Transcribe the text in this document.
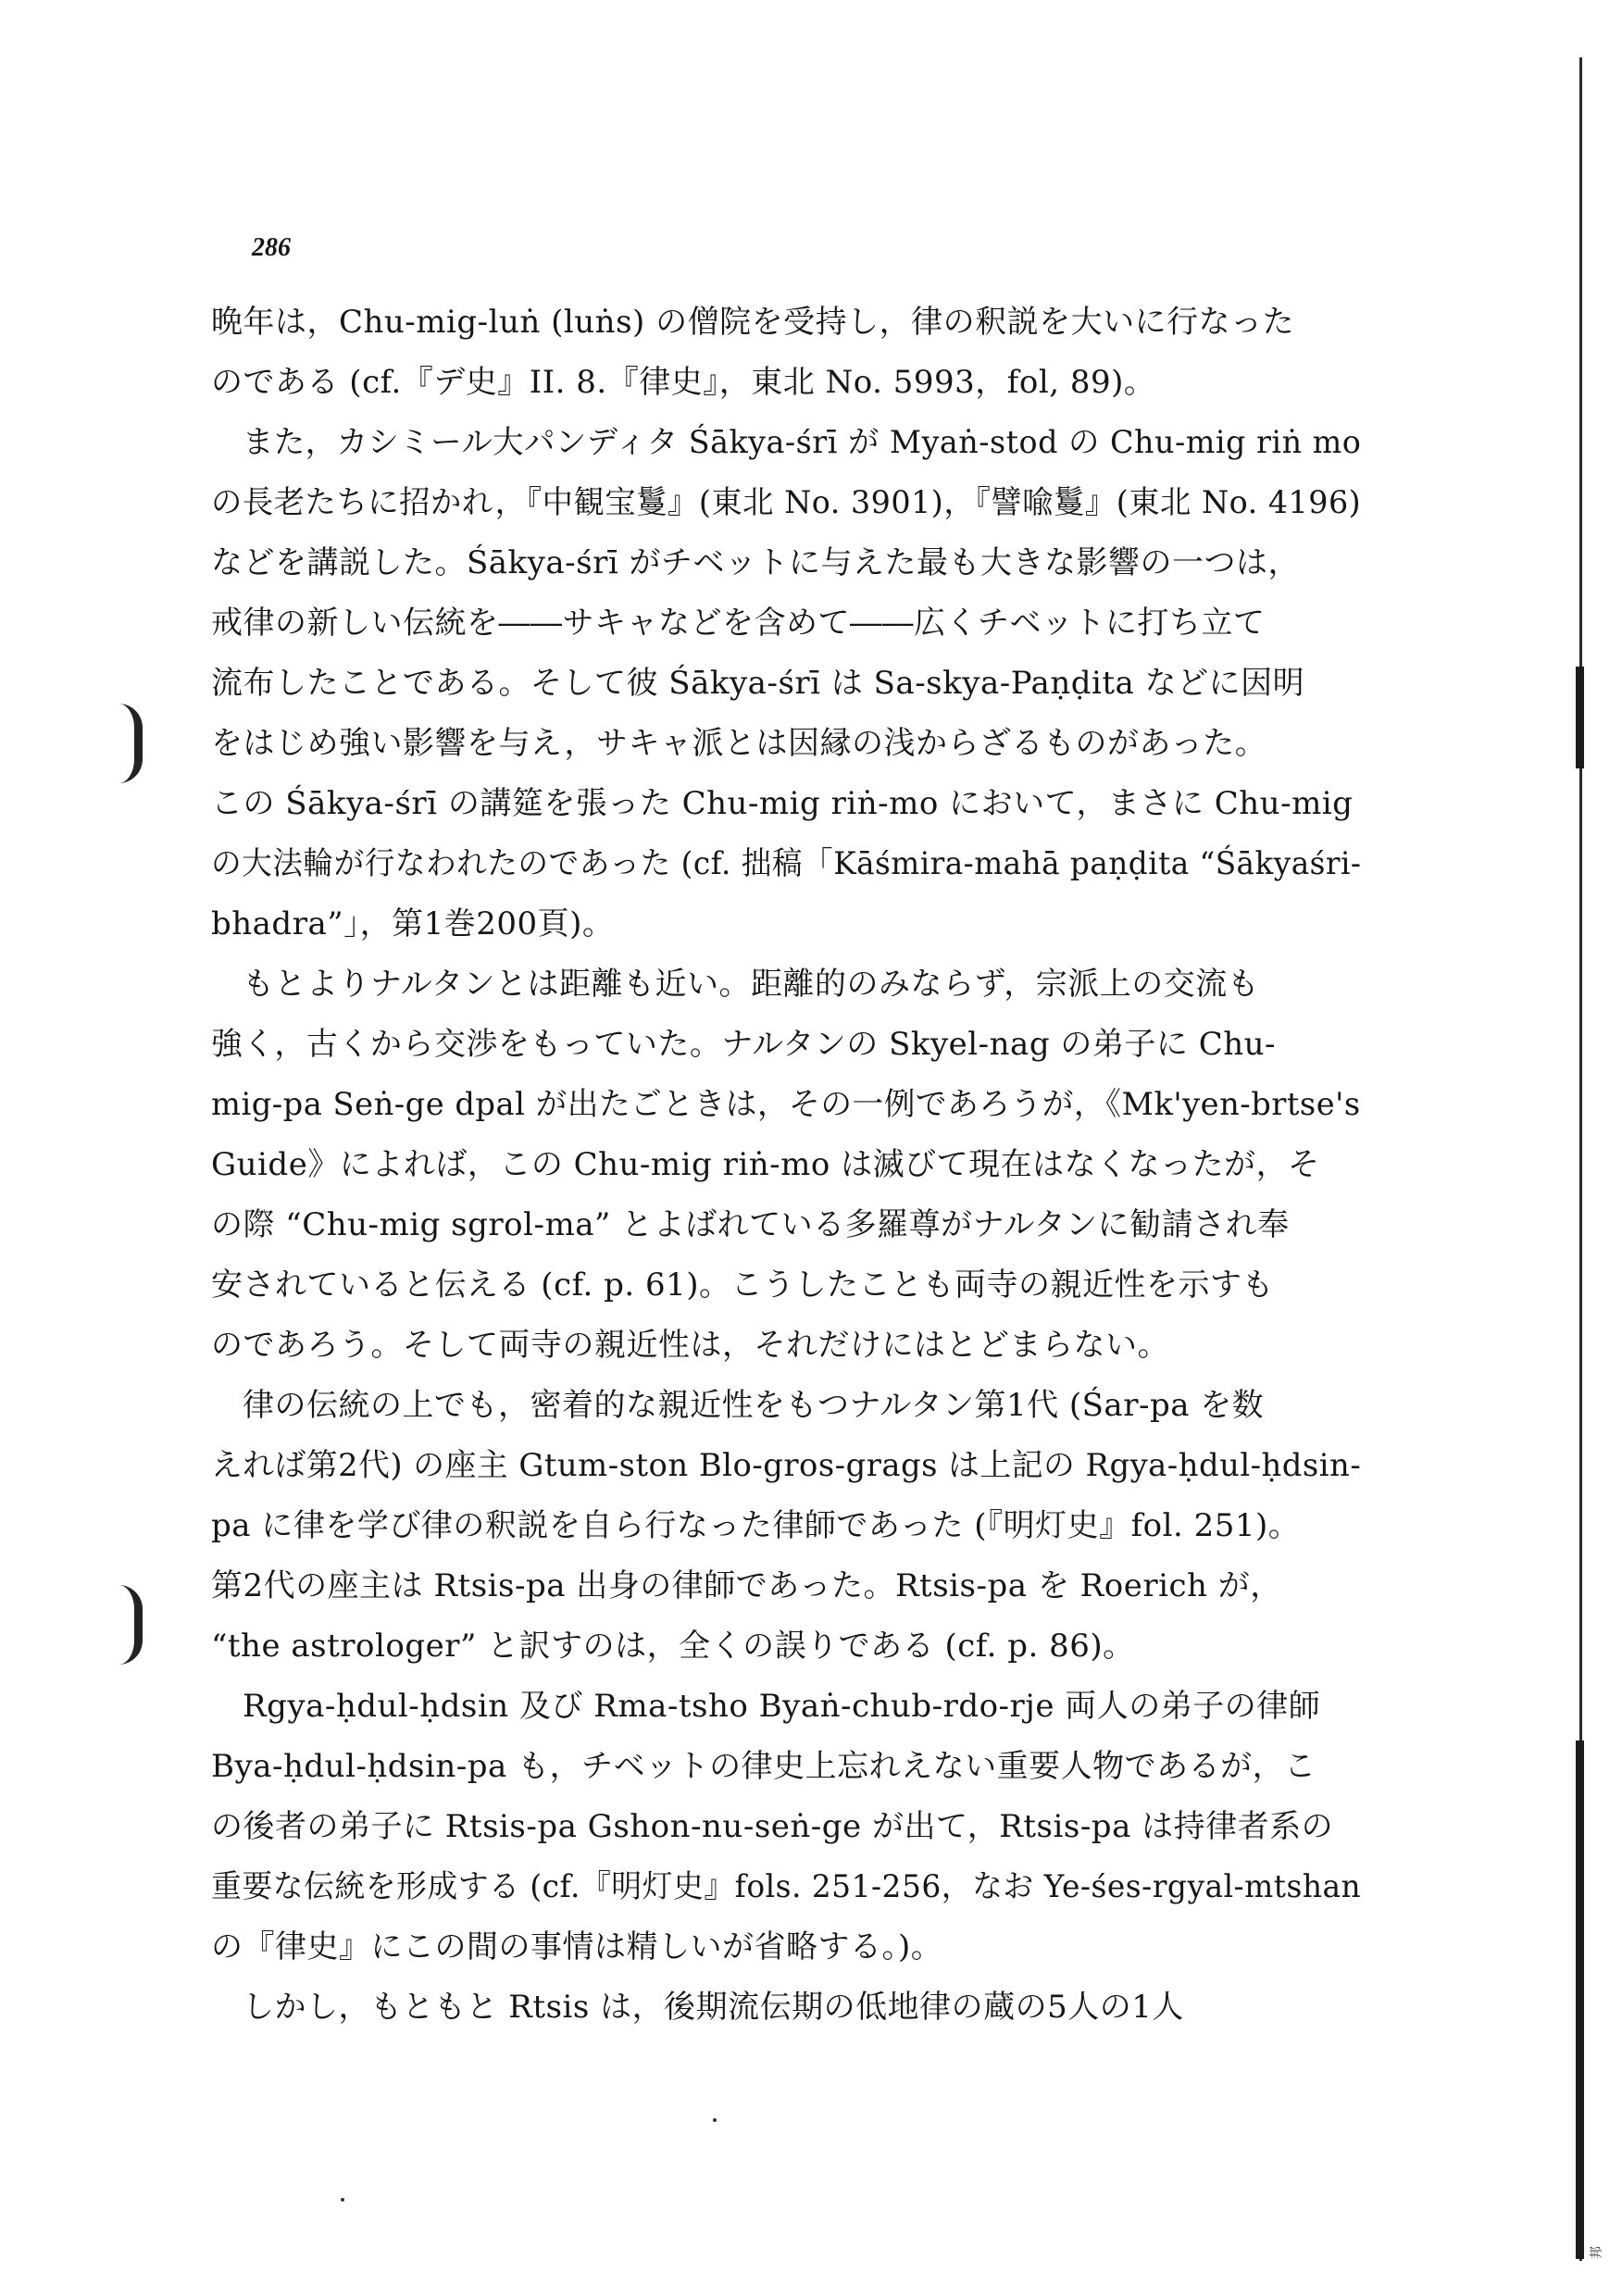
286
邦
晩年は，Chu-mig-luṅ (luṅs) の僧院を受持し，律の釈説を大いに行なった
のである (cf.『デ史』II. 8.『律史』，東北 No. 5993，fol, 89)。
また，カシミール大パンディタ Śākya-śrī が Myaṅ-stod の Chu-mig riṅ mo
の長老たちに招かれ，『中観宝鬘』(東北 No. 3901)，『譬喩鬘』(東北 No. 4196)
などを講説した。Śākya-śrī がチベットに与えた最も大きな影響の一つは，
戒律の新しい伝統を――サキャなどを含めて――広くチベットに打ち立て
流布したことである。そして彼 Śākya-śrī は Sa-skya-Paṇḍita などに因明
をはじめ強い影響を与え，サキャ派とは因縁の浅からざるものがあった。
この Śākya-śrī の講筵を張った Chu-mig riṅ-mo において，まさに Chu-mig
の大法輪が行なわれたのであった (cf. 拙稿「Kāśmira-mahā paṇḍita “Śākyaśri-
bhadra”」，第1巻200頁)。
もとよりナルタンとは距離も近い。距離的のみならず，宗派上の交流も
強く，古くから交渉をもっていた。ナルタンの Skyel-nag の弟子に Chu-
mig-pa Seṅ-ge dpal が出たごときは，その一例であろうが，《Mk'yen-brtse's
Guide》によれば，この Chu-mig riṅ-mo は滅びて現在はなくなったが，そ
の際 “Chu-mig sgrol-ma” とよばれている多羅尊がナルタンに勧請され奉
安されていると伝える (cf. p. 61)。こうしたことも両寺の親近性を示すも
のであろう。そして両寺の親近性は，それだけにはとどまらない。
律の伝統の上でも，密着的な親近性をもつナルタン第1代 (Śar-pa を数
えれば第2代) の座主 Gtum-ston Blo-gros-grags は上記の Rgya-ḥdul-ḥdsin-
pa に律を学び律の釈説を自ら行なった律師であった (『明灯史』fol. 251)。
第2代の座主は Rtsis-pa 出身の律師であった。Rtsis-pa を Roerich が，
“the astrologer” と訳すのは，全くの誤りである (cf. p. 86)。
Rgya-ḥdul-ḥdsin 及び Rma-tsho Byaṅ-chub-rdo-rje 両人の弟子の律師
Bya-ḥdul-ḥdsin-pa も，チベットの律史上忘れえない重要人物であるが，こ
の後者の弟子に Rtsis-pa Gshon-nu-seṅ-ge が出て，Rtsis-pa は持律者系の
重要な伝統を形成する (cf.『明灯史』fols. 251-256，なお Ye-śes-rgyal-mtshan
の『律史』にこの間の事情は精しいが省略する。)。
しかし，もともと Rtsis は，後期流伝期の低地律の蔵の5人の1人
